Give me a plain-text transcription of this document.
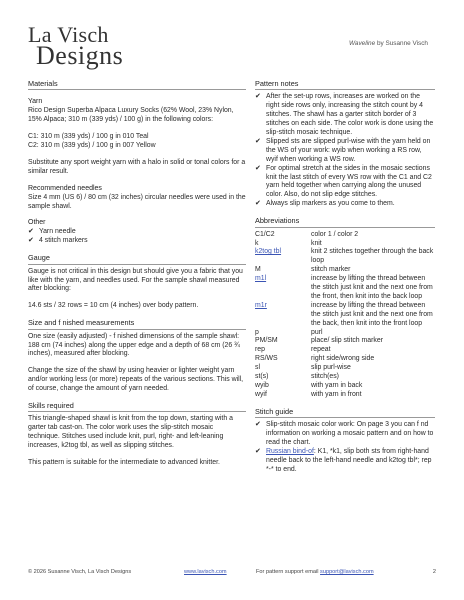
La Visch
Designs	Waveline by Susanne Visch
Materials
Yarn

Rico Design Superba Alpaca Luxury Socks (62% Wool, 23% Nylon, 15% Alpaca; 310 m (339 yds) / 100 g) in the following colors:

C1: 310 m (339 yds) / 100 g in 010 Teal

C2: 310 m (339 yds) / 100 g in 007 Yellow

Substitute any sport weight yarn with a halo in solid or tonal colors for a similar result.

Recommended needles
Size 4 mm (US 6) / 80 cm (32 inches) circular needles were used in the sample shawl.
Other
✔ Yarn needle
✔ 4 stitch markers
Gauge

Gauge is not critical in this design but should give you a fabric that you like with the yarn, and needles used. For the sample shawl measured after blocking:

14.6 sts / 32 rows = 10 cm (4 inches) over body pattern.
Size and f nished measurements

One size (easily adjusted) - f nished dimensions of the sample shawl: 188 cm (74 inches) along the upper edge and a depth of 68 cm (26 ¾ inches), measured after blocking.

Change the size of the shawl by using heavier or lighter weight yarn and/or working less (or more) repeats of the various sections. This will, of course, change the amount of yarn needed.
Skills required

This triangle-shaped shawl is knit from the top down, starting with a garter tab cast-on. The color work uses the slip-stitch mosaic technique. Stitches used include knit, purl, right- and left-leaning increases, k2tog tbl, as well as slipping stitches.

This pattern is suitable for the intermediate to advanced knitter.
Pattern notes
✔ After the set-up rows, increases are worked on the right side rows only, increasing the stitch count by 4 stitches. The shawl has a garter stitch border of 3 stitches on each side. The color work is done using the slip-stitch mosaic technique.
✔ Slipped sts are slipped purl-wise with the yarn held on the WS of your work: wyib when working a RS row, wyif when working a WS row.
✔ For optimal stretch at the sides in the mosaic sections knit the last stitch of every WS row with the C1 and C2 yarn held together when carrying along the unused color. Also, do not slip edge stitches.
✔ Always slip markers as you come to them.
Abbreviations
C1/C2	color 1 / color 2
k	knit
k2tog tbl	knit 2 stitches together through the back loop
M	stitch marker
m1l	increase by lifting the thread between the stitch just knit and the next one from the front, then knit into the back loop
m1r	increase by lifting the thread between the stitch just knit and the next one from the back, then knit into the front loop
p	purl
PM/SM	place/ slip stitch marker
rep	repeat
RS/WS	right side/wrong side
sl	slip purl-wise
st(s)	stitch(es)
wyib	with yarn in back
wyif	with yarn in front
Stitch guide
✔ Slip-stitch mosaic color work: On page 3 you can f nd information on working a mosaic pattern and on how to read the chart.
✔ Russian bind-of: K1, *k1, slip both sts from right-hand needle back to the left-hand needle and k2tog tbl*; rep *-* to end.
© 2026 Susanne Visch, La Visch Designs	www.lavisch.com	For pattern support email support@lavisch.com	2
